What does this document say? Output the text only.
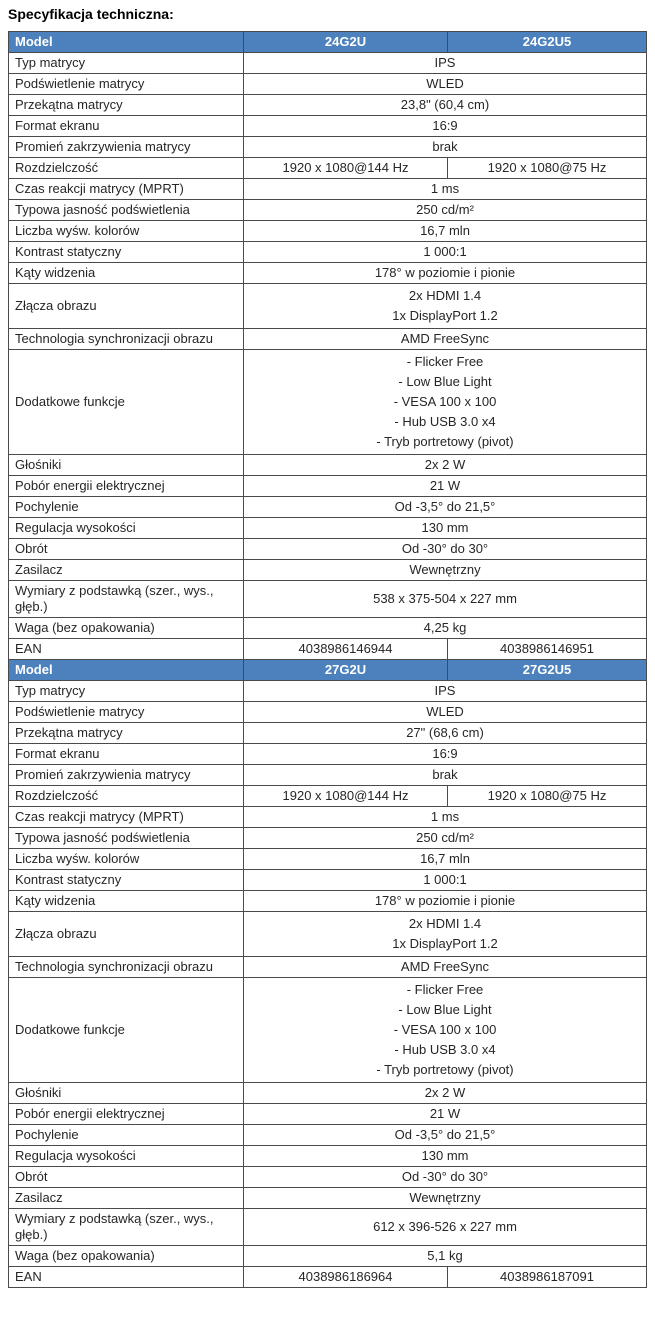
Specyfikacja techniczna:
Model	24G2U	24G2U5
Typ matrycy	IPS	
Podświetlenie matrycy	WLED	
Przekątna matrycy	23,8" (60,4 cm)	
Format ekranu	16:9	
Promień zakrzywienia matrycy	brak	
Rozdzielczość	1920 x 1080@144 Hz	1920 x 1080@75 Hz
Czas reakcji matrycy (MPRT)	1 ms	
Typowa jasność podświetlenia	250 cd/m²	
Liczba wyśw. kolorów	16,7 mln	
Kontrast statyczny	1 000:1	
Kąty widzenia	178° w poziomie i pionie	
Złącza obrazu	2x HDMI 1.4
1x DisplayPort 1.2	

Technologia synchronizacji obrazu	AMD FreeSync	
Dodatkowe funkcje	- Flicker Free
- Low Blue Light
- VESA 100 x 100
- Hub USB 3.0 x4
- Tryb portretowy (pivot)	

Głośniki	2x 2 W	
Pobór energii elektrycznej	21 W	
Pochylenie	Od -3,5° do 21,5°	
Regulacja wysokości	130 mm	
Obrót	Od -30° do 30°	
Zasilacz	Wewnętrzny	
Wymiary z podstawką (szer., wys., głęb.)	538 x 375-504 x 227 mm	
Waga (bez opakowania)	4,25 kg	
EAN	4038986146944	4038986146951
Model	27G2U	27G2U5
Typ matrycy	IPS	
Podświetlenie matrycy	WLED	
Przekątna matrycy	27" (68,6 cm)	
Format ekranu	16:9	
Promień zakrzywienia matrycy	brak	
Rozdzielczość	1920 x 1080@144 Hz	1920 x 1080@75 Hz
Czas reakcji matrycy (MPRT)	1 ms	
Typowa jasność podświetlenia	250 cd/m²	
Liczba wyśw. kolorów	16,7 mln	
Kontrast statyczny	1 000:1	
Kąty widzenia	178° w poziomie i pionie	
Złącza obrazu	2x HDMI 1.4
1x DisplayPort 1.2	

Technologia synchronizacji obrazu	AMD FreeSync	
Dodatkowe funkcje	- Flicker Free
- Low Blue Light
- VESA 100 x 100
- Hub USB 3.0 x4
- Tryb portretowy (pivot)	

Głośniki	2x 2 W	
Pobór energii elektrycznej	21 W	
Pochylenie	Od -3,5° do 21,5°	
Regulacja wysokości	130 mm	
Obrót	Od -30° do 30°	
Zasilacz	Wewnętrzny	
Wymiary z podstawką (szer., wys., głęb.)	612 x 396-526 x 227 mm	
Waga (bez opakowania)	5,1 kg	
EAN	4038986186964	4038986187091
